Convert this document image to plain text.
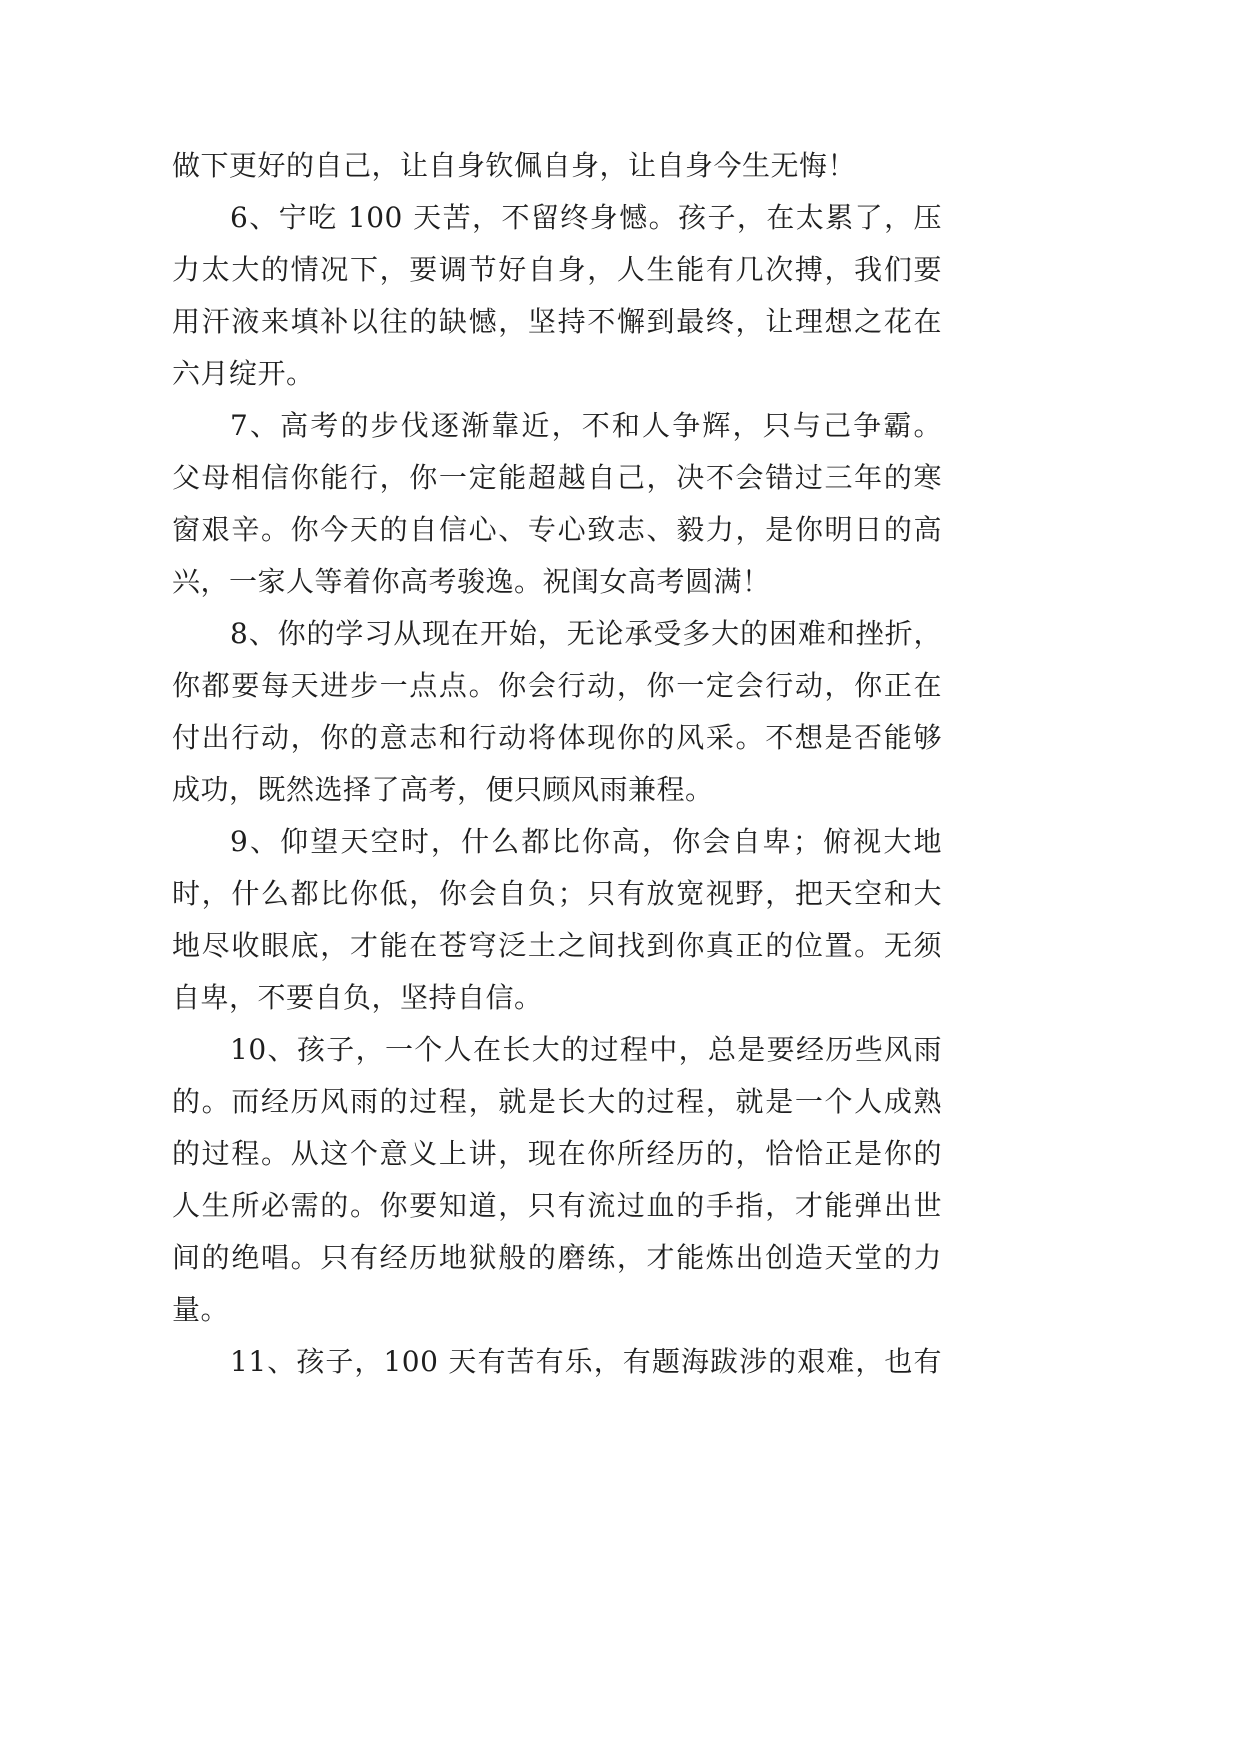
做下更好的自己，让自身钦佩自身，让自身今生无悔！
6、宁吃 100 天苦，不留终身憾。孩子，在太累了，压
力太大的情况下，要调节好自身，人生能有几次搏，我们要
用汗液来填补以往的缺憾，坚持不懈到最终，让理想之花在
六月绽开。
7、高考的步伐逐渐靠近，不和人争辉，只与己争霸。
父母相信你能行，你一定能超越自己，决不会错过三年的寒
窗艰辛。你今天的自信心、专心致志、毅力，是你明日的高
兴，一家人等着你高考骏逸。祝闺女高考圆满！
8、你的学习从现在开始，无论承受多大的困难和挫折，
你都要每天进步一点点。你会行动，你一定会行动，你正在
付出行动，你的意志和行动将体现你的风采。不想是否能够
成功，既然选择了高考，便只顾风雨兼程。
9、仰望天空时，什么都比你高，你会自卑；俯视大地
时，什么都比你低，你会自负；只有放宽视野，把天空和大
地尽收眼底，才能在苍穹泛土之间找到你真正的位置。无须
自卑，不要自负，坚持自信。
10、孩子，一个人在长大的过程中，总是要经历些风雨
的。而经历风雨的过程，就是长大的过程，就是一个人成熟
的过程。从这个意义上讲，现在你所经历的，恰恰正是你的
人生所必需的。你要知道，只有流过血的手指，才能弹出世
间的绝唱。只有经历地狱般的磨练，才能炼出创造天堂的力
量。
11、孩子，100 天有苦有乐，有题海跋涉的艰难，也有
